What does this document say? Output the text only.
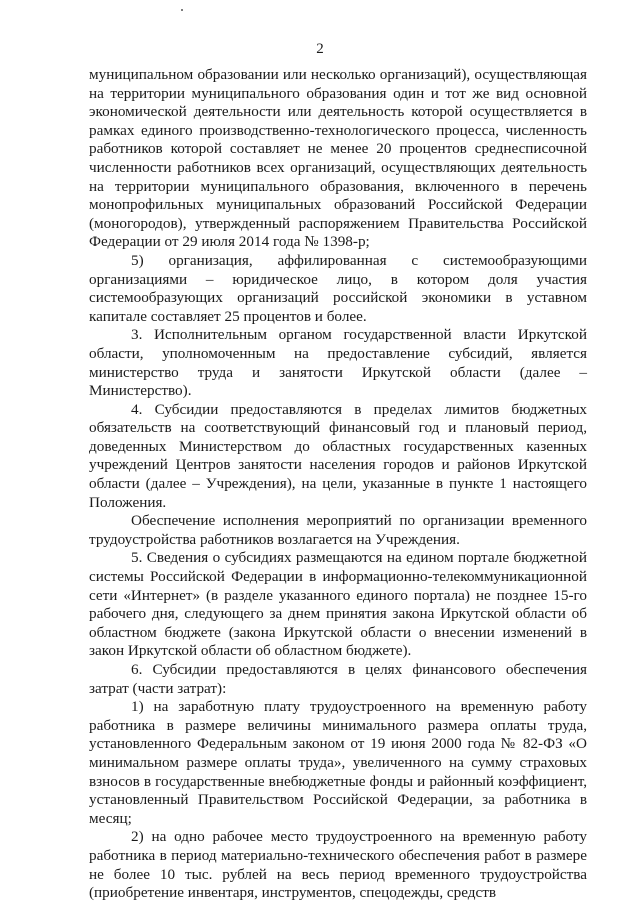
2

муниципальном образовании или несколько организаций), осуществляющая на территории муниципального образования один и тот же вид основной экономической деятельности или деятельность которой осуществляется в рамках единого производственно-технологического процесса, численность работников которой составляет не менее 20 процентов среднесписочной численности работников всех организаций, осуществляющих деятельность на территории муниципального образования, включенного в перечень монопрофильных муниципальных образований Российской Федерации (моногородов), утвержденный распоряжением Правительства Российской Федерации от 29 июля 2014 года № 1398-р;

5) организация, аффилированная с системообразующими организациями – юридическое лицо, в котором доля участия системообразующих организаций российской экономики в уставном капитале составляет 25 процентов и более.

3. Исполнительным органом государственной власти Иркутской области, уполномоченным на предоставление субсидий, является министерство труда и занятости Иркутской области (далее – Министерство).

4. Субсидии предоставляются в пределах лимитов бюджетных обязательств на соответствующий финансовый год и плановый период, доведенных Министерством до областных государственных казенных учреждений Центров занятости населения городов и районов Иркутской области (далее – Учреждения), на цели, указанные в пункте 1 настоящего Положения.

Обеспечение исполнения мероприятий по организации временного трудоустройства работников возлагается на Учреждения.

5. Сведения о субсидиях размещаются на едином портале бюджетной системы Российской Федерации в информационно-телекоммуникационной сети «Интернет» (в разделе указанного единого портала) не позднее 15-го рабочего дня, следующего за днем принятия закона Иркутской области об областном бюджете (закона Иркутской области о внесении изменений в закон Иркутской области об областном бюджете).

6. Субсидии предоставляются в целях финансового обеспечения затрат (части затрат):

1) на заработную плату трудоустроенного на временную работу работника в размере величины минимального размера оплаты труда, установленного Федеральным законом от 19 июня 2000 года № 82-ФЗ «О минимальном размере оплаты труда», увеличенного на сумму страховых взносов в государственные внебюджетные фонды и районный коэффициент, установленный Правительством Российской Федерации, за работника в месяц;

2) на одно рабочее место трудоустроенного на временную работу работника в период материально-технического обеспечения работ в размере не более 10 тыс. рублей на весь период временного трудоустройства (приобретение инвентаря, инструментов, спецодежды, средств
